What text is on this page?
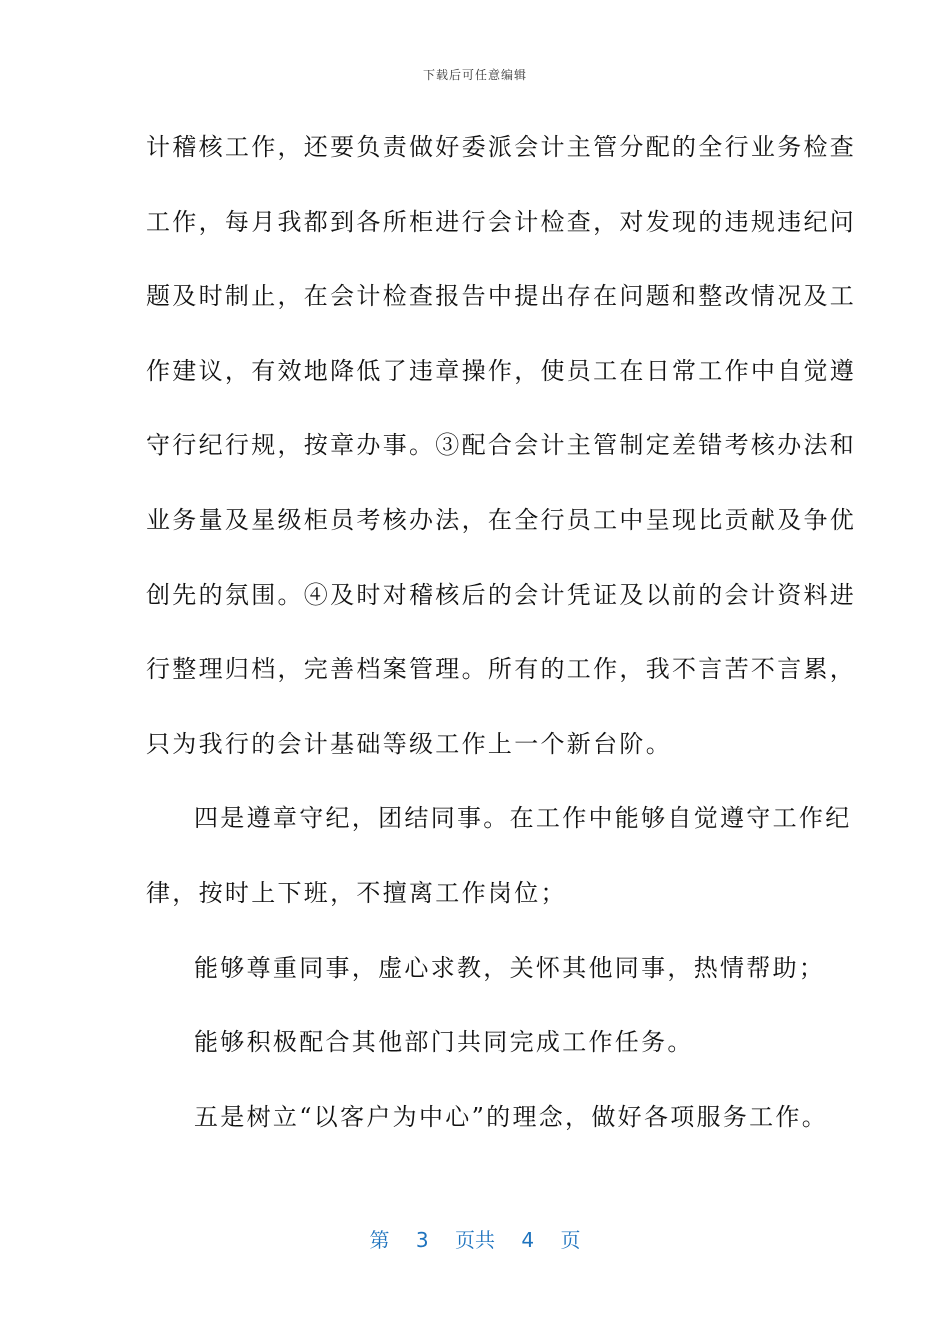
下载后可任意编辑
计稽核工作，还要负责做好委派会计主管分配的全行业务检查
工作，每月我都到各所柜进行会计检查，对发现的违规违纪问
题及时制止，在会计检查报告中提出存在问题和整改情况及工
作建议，有效地降低了违章操作，使员工在日常工作中自觉遵
守行纪行规，按章办事。③配合会计主管制定差错考核办法和
业务量及星级柜员考核办法，在全行员工中呈现比贡献及争优
创先的氛围。④及时对稽核后的会计凭证及以前的会计资料进
行整理归档，完善档案管理。所有的工作，我不言苦不言累，
只为我行的会计基础等级工作上一个新台阶。
四是遵章守纪，团结同事。在工作中能够自觉遵守工作纪
律，按时上下班，不擅离工作岗位；
能够尊重同事，虚心求教，关怀其他同事，热情帮助；
能够积极配合其他部门共同完成工作任务。
五是树立“以客户为中心”的理念，做好各项服务工作。
第 3 页共 4 页
